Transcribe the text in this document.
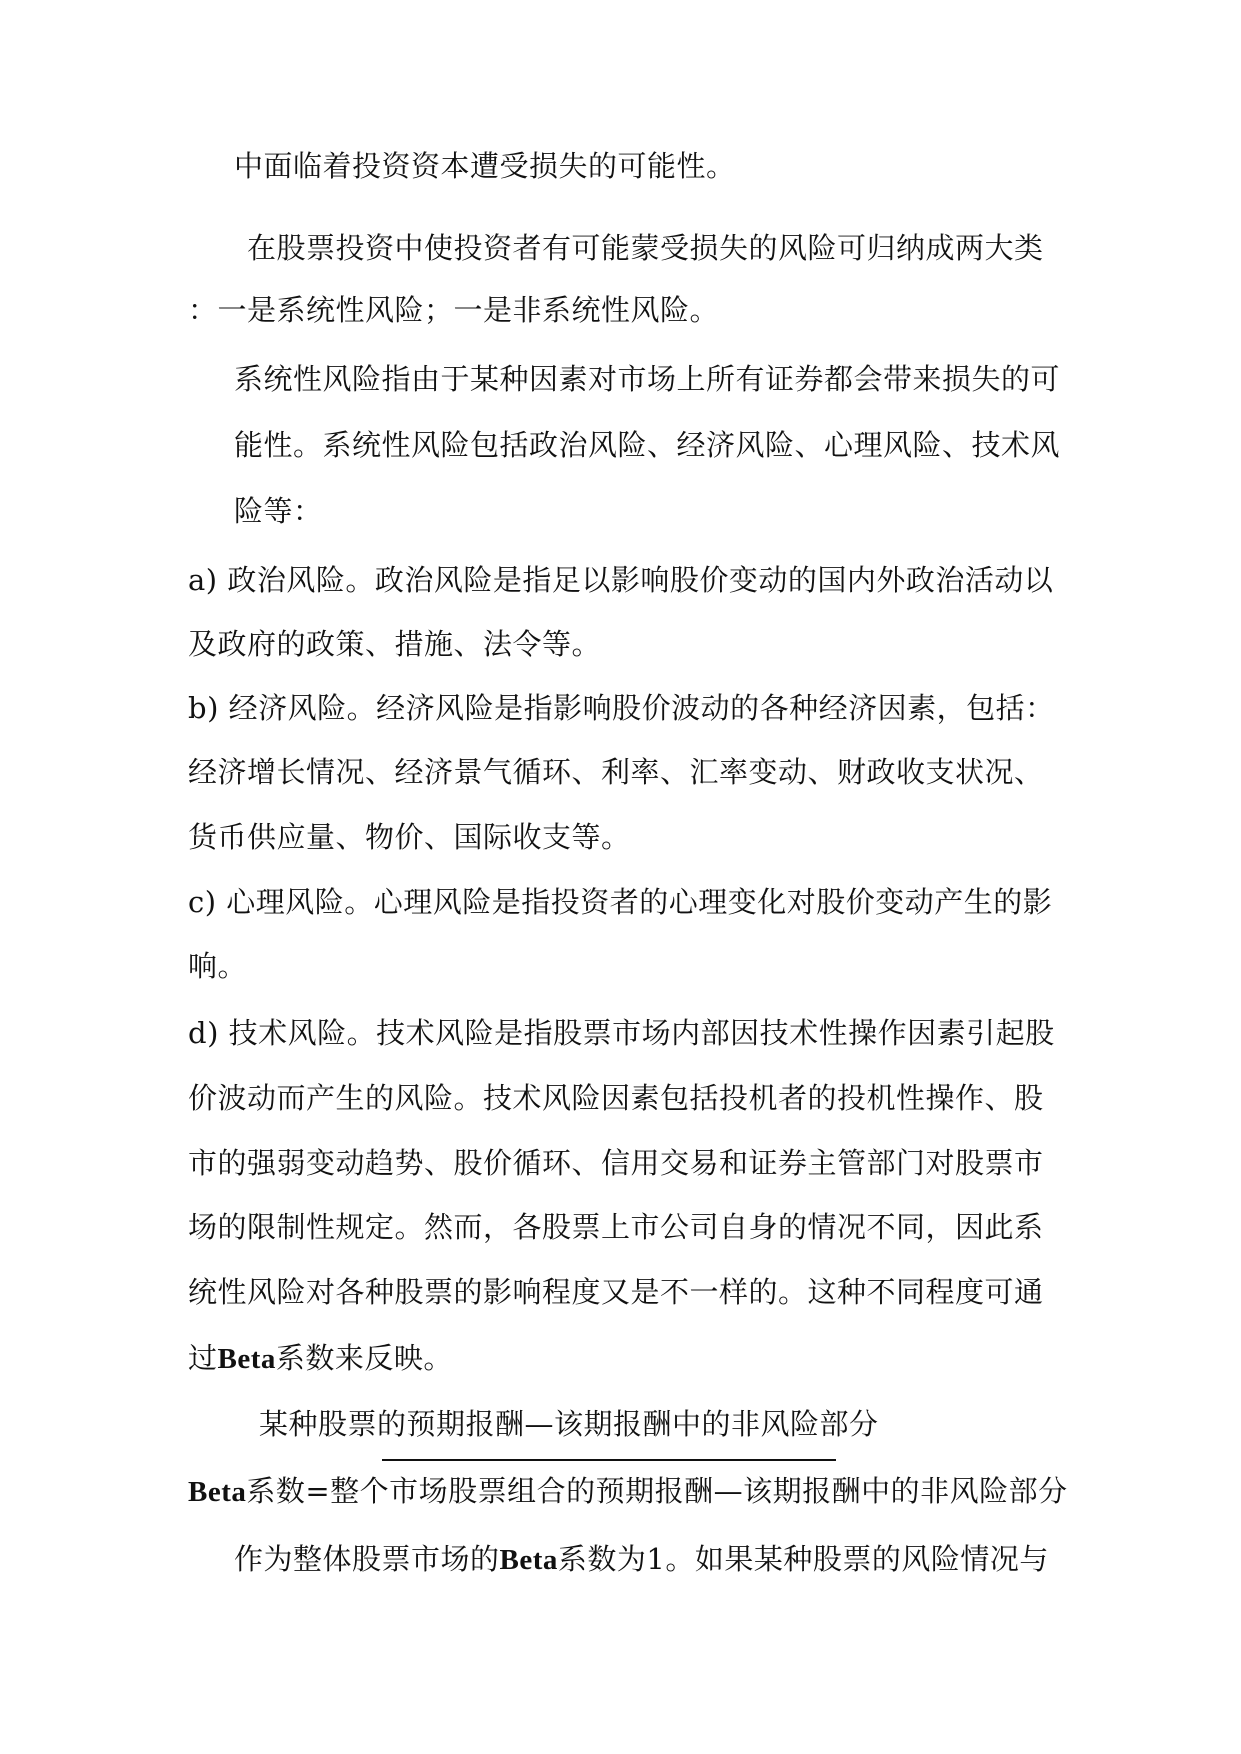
中面临着投资资本遭受损失的可能性。
在股票投资中使投资者有可能蒙受损失的风险可归纳成两大类
：一是系统性风险；一是非系统性风险。
系统性风险指由于某种因素对市场上所有证券都会带来损失的可
能性。系统性风险包括政治风险、经济风险、心理风险、技术风
险等：
a) 政治风险。政治风险是指足以影响股价变动的国内外政治活动以
及政府的政策、措施、法令等。
b) 经济风险。经济风险是指影响股价波动的各种经济因素，包括：
经济增长情况、经济景气循环、利率、汇率变动、财政收支状况、
货币供应量、物价、国际收支等。
c) 心理风险。心理风险是指投资者的心理变化对股价变动产生的影
响。
d) 技术风险。技术风险是指股票市场内部因技术性操作因素引起股
价波动而产生的风险。技术风险因素包括投机者的投机性操作、股
市的强弱变动趋势、股价循环、信用交易和证券主管部门对股票市
场的限制性规定。然而，各股票上市公司自身的情况不同，因此系
统性风险对各种股票的影响程度又是不一样的。这种不同程度可通
过Beta系数来反映。
某种股票的预期报酬—该期报酬中的非风险部分
Beta系数=整个市场股票组合的预期报酬—该期报酬中的非风险部分
作为整体股票市场的Beta系数为1。如果某种股票的风险情况与
